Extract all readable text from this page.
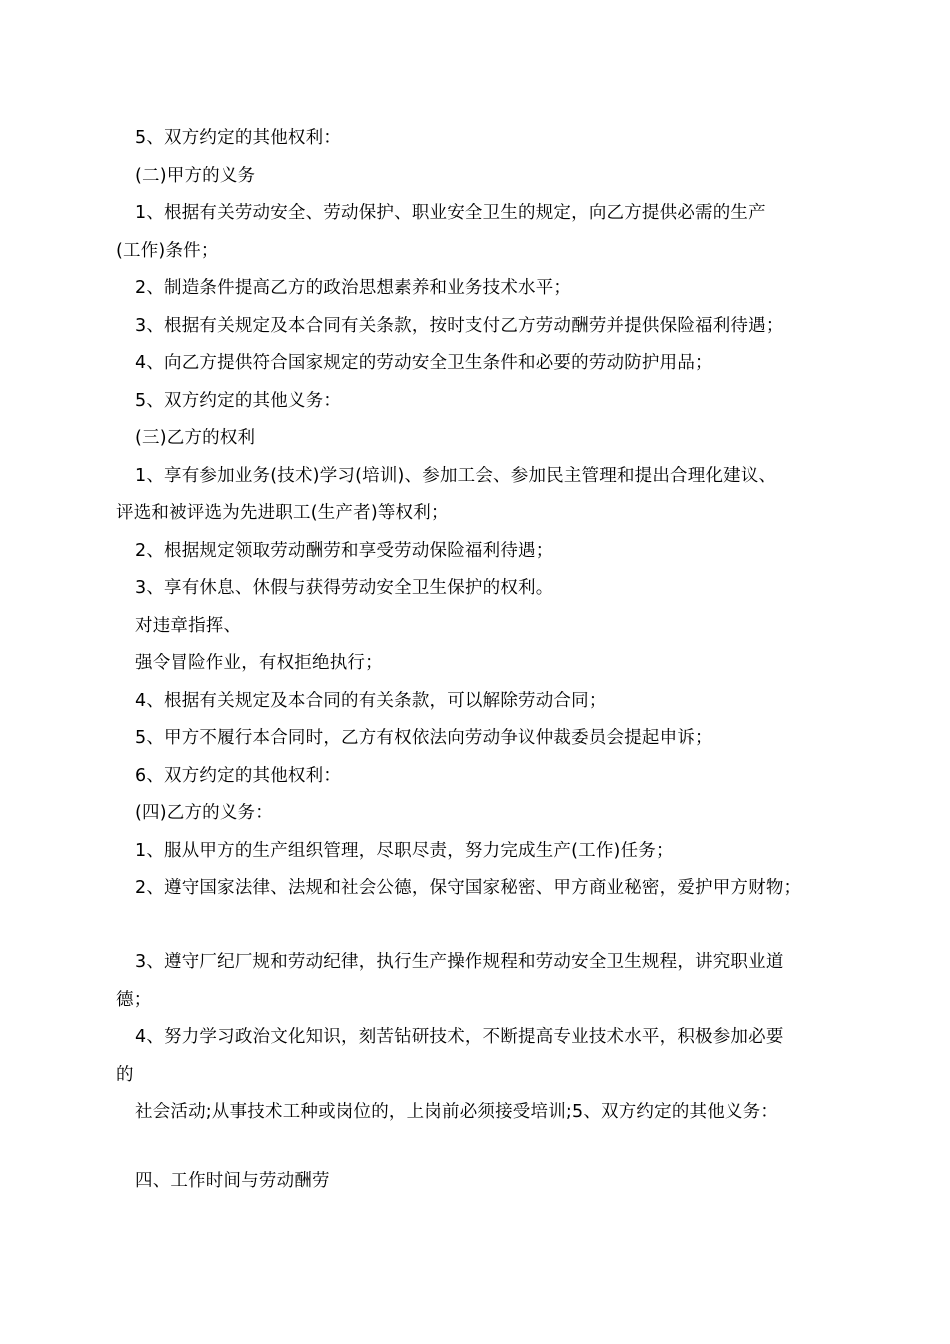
5、双方约定的其他权利：
(二)甲方的义务
1、根据有关劳动安全、劳动保护、职业安全卫生的规定，向乙方提供必需的生产
(工作)条件；
2、制造条件提高乙方的政治思想素养和业务技术水平；
3、根据有关规定及本合同有关条款，按时支付乙方劳动酬劳并提供保险福利待遇；
4、向乙方提供符合国家规定的劳动安全卫生条件和必要的劳动防护用品；
5、双方约定的其他义务：
(三)乙方的权利
1、享有参加业务(技术)学习(培训)、参加工会、参加民主管理和提出合理化建议、
评选和被评选为先进职工(生产者)等权利；
2、根据规定领取劳动酬劳和享受劳动保险福利待遇；
3、享有休息、休假与获得劳动安全卫生保护的权利。
对违章指挥、
强令冒险作业，有权拒绝执行；
4、根据有关规定及本合同的有关条款，可以解除劳动合同；
5、甲方不履行本合同时，乙方有权依法向劳动争议仲裁委员会提起申诉；
6、双方约定的其他权利：
(四)乙方的义务：
1、服从甲方的生产组织管理，尽职尽责，努力完成生产(工作)任务；
2、遵守国家法律、法规和社会公德，保守国家秘密、甲方商业秘密，爱护甲方财物；
3、遵守厂纪厂规和劳动纪律，执行生产操作规程和劳动安全卫生规程，讲究职业道
德；
4、努力学习政治文化知识，刻苦钻研技术，不断提高专业技术水平，积极参加必要
的
社会活动;从事技术工种或岗位的，上岗前必须接受培训;5、双方约定的其他义务：
四、工作时间与劳动酬劳
